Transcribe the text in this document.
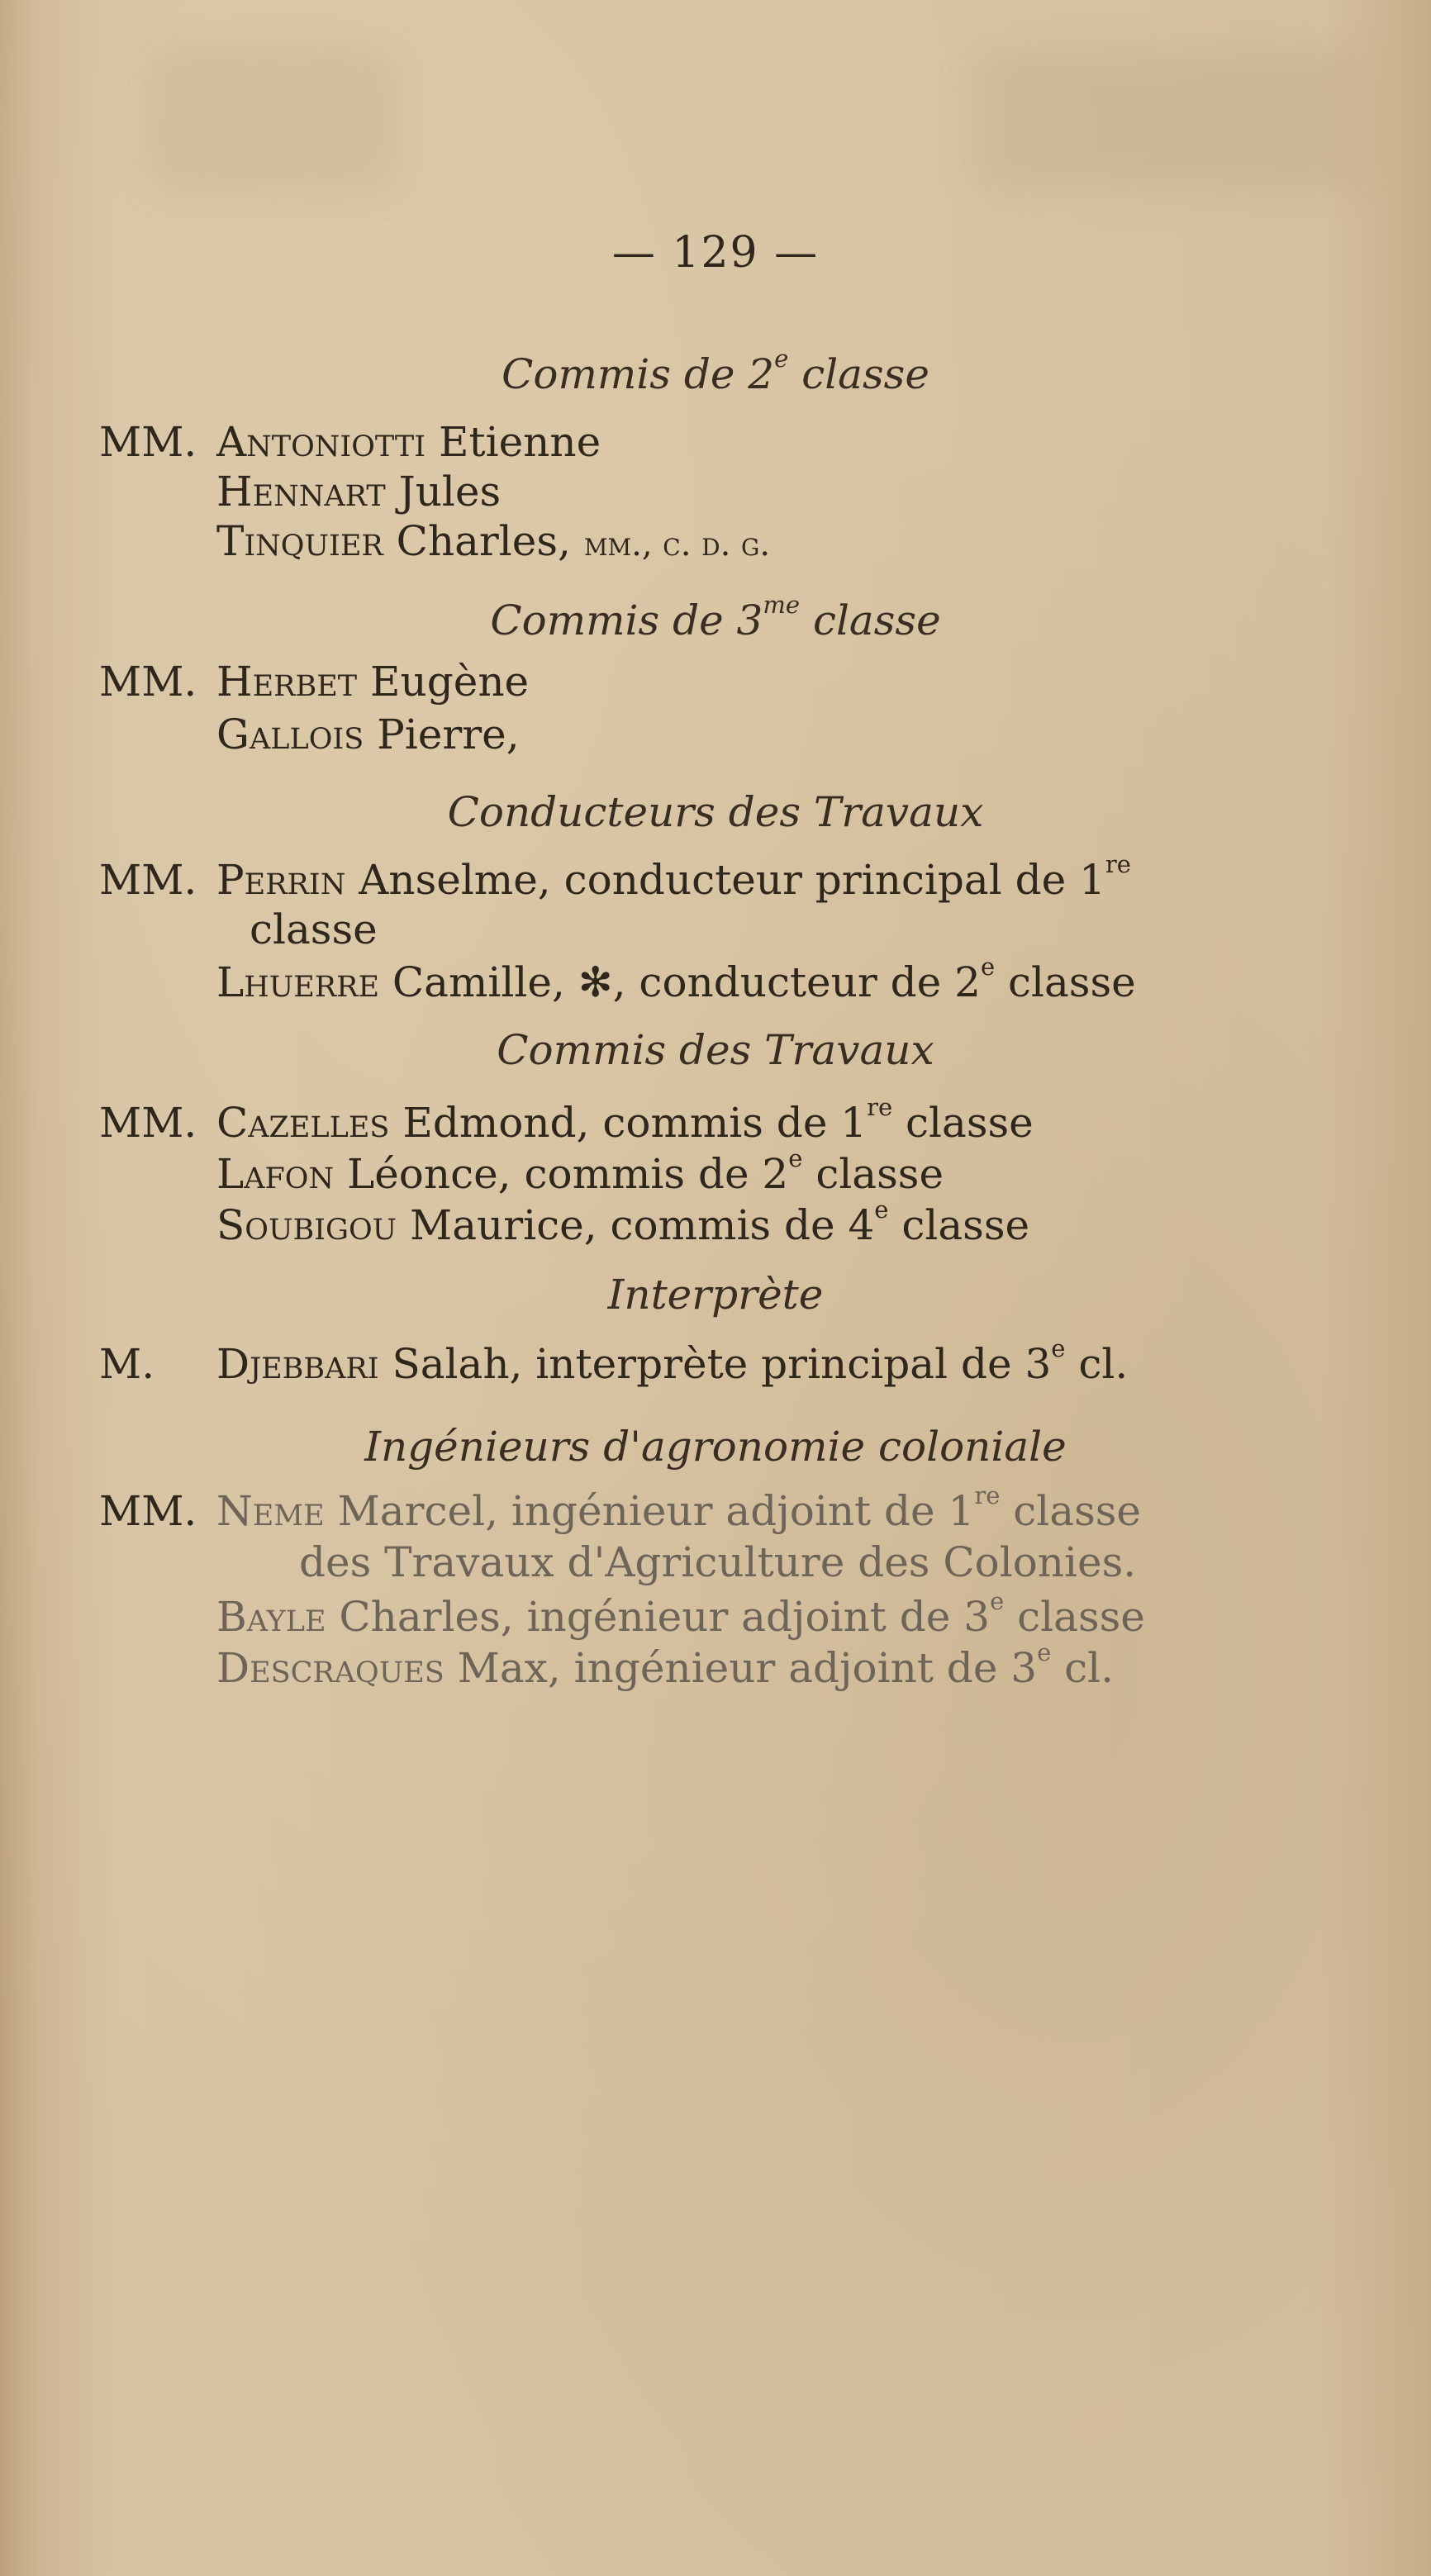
— 129 —
Commis de 2e classe
MM. Antoniotti Etienne
Hennart Jules
Tinquier Charles, mm., c. d. g.
Commis de $3^{me}$ classe
MM. Herbet Eugène
Gallois Pierre,
Conducteurs des Travaux
MM. Perrin Anselme, conducteur principal de 1re
classe
Lhuerre Camille, ✻, conducteur de 2e classe
Commis des Travaux
MM. Cazelles Edmond, commis de 1re classe
Lafon Léonce, commis de 2e classe
Soubigou Maurice, commis de 4e classe
Interprète
M. Djebbari Salah, interprète principal de 3e cl.
Ingénieurs d'agronomie coloniale
MM. Neme Marcel, ingénieur adjoint de 1re classe
des Travaux d'Agriculture des Colonies.
Bayle Charles, ingénieur adjoint de 3e classe
Descraques Max, ingénieur adjoint de 3e cl.
